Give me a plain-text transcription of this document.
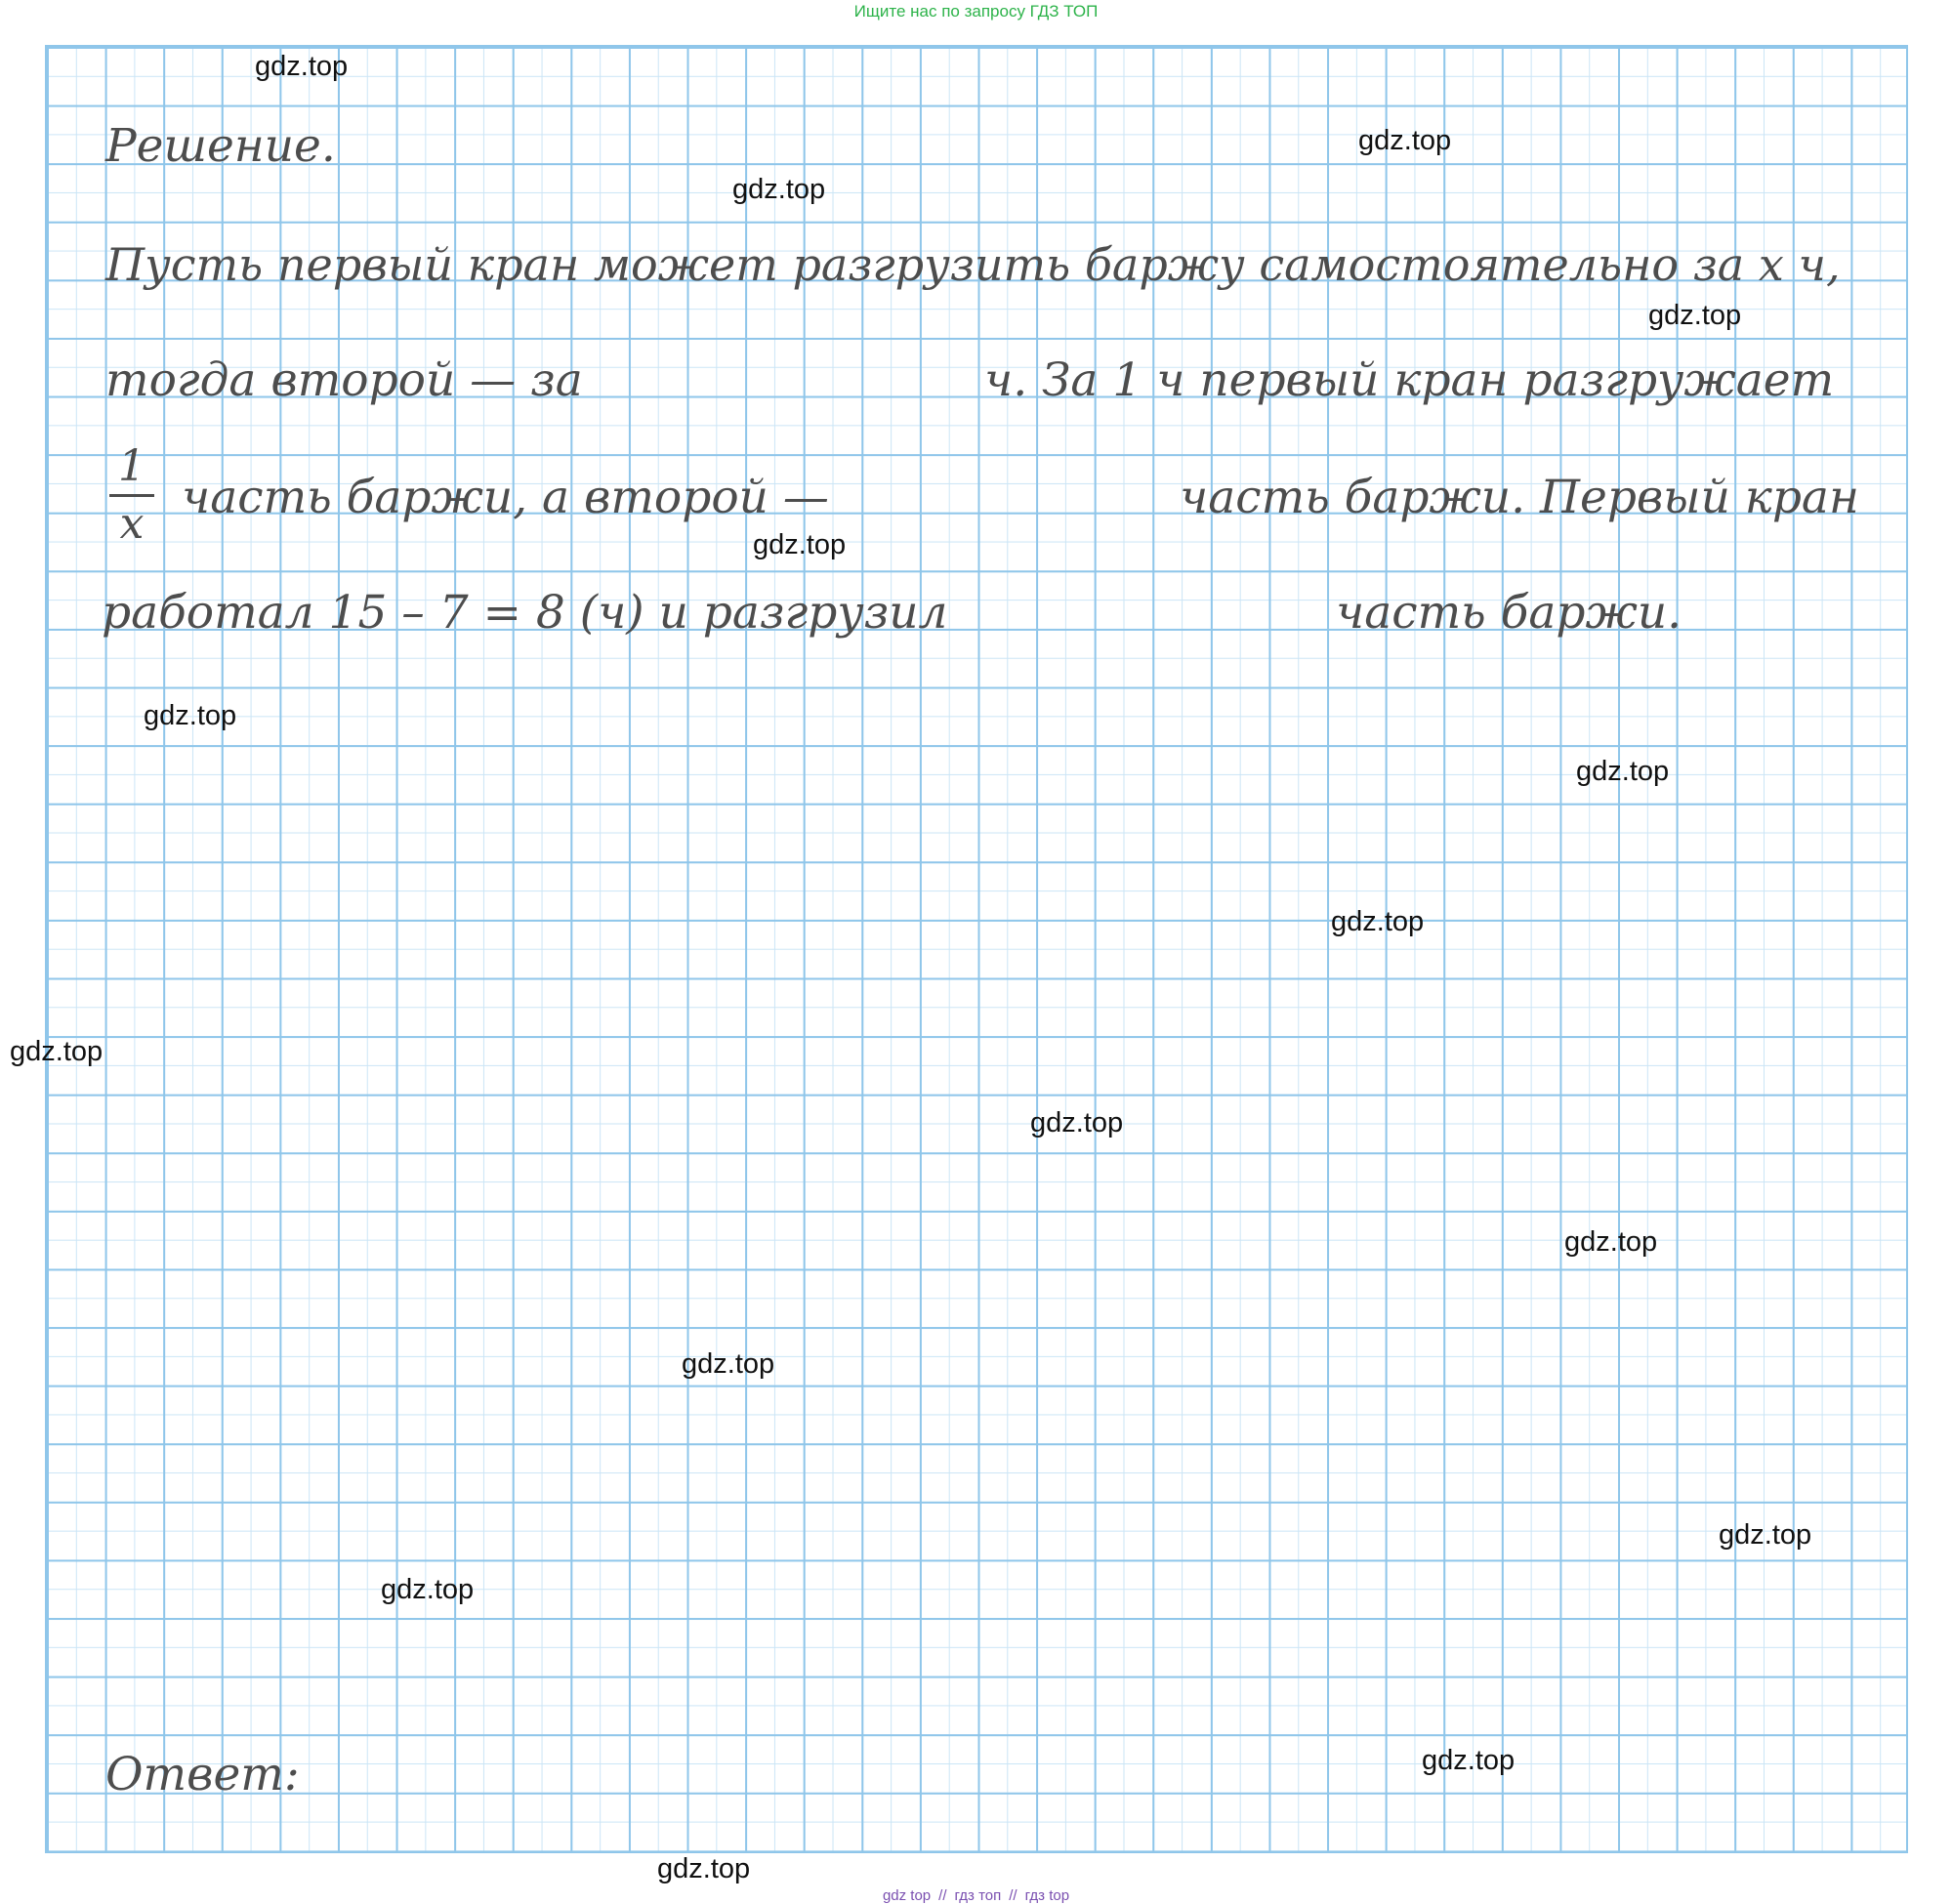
Ищите нас по запросу ГДЗ ТОП
Решение.
Пусть первый кран может разгрузить баржу самостоятельно за x ч,
тогда второй — за	ч. За 1 ч первый кран разгружает
1
x часть баржи, а второй —	часть баржи. Первый кран
работал 15 – 7 = 8 (ч) и разгрузил	часть баржи.
Ответ:
gdz.top
gdz.top
gdz.top
gdz.top
gdz.top
gdz.top
gdz.top
gdz.top
gdz.top
gdz.top
gdz.top
gdz.top
gdz.top
gdz.top
gdz.top
gdz.top
gdz top // гдз топ // гдз top
